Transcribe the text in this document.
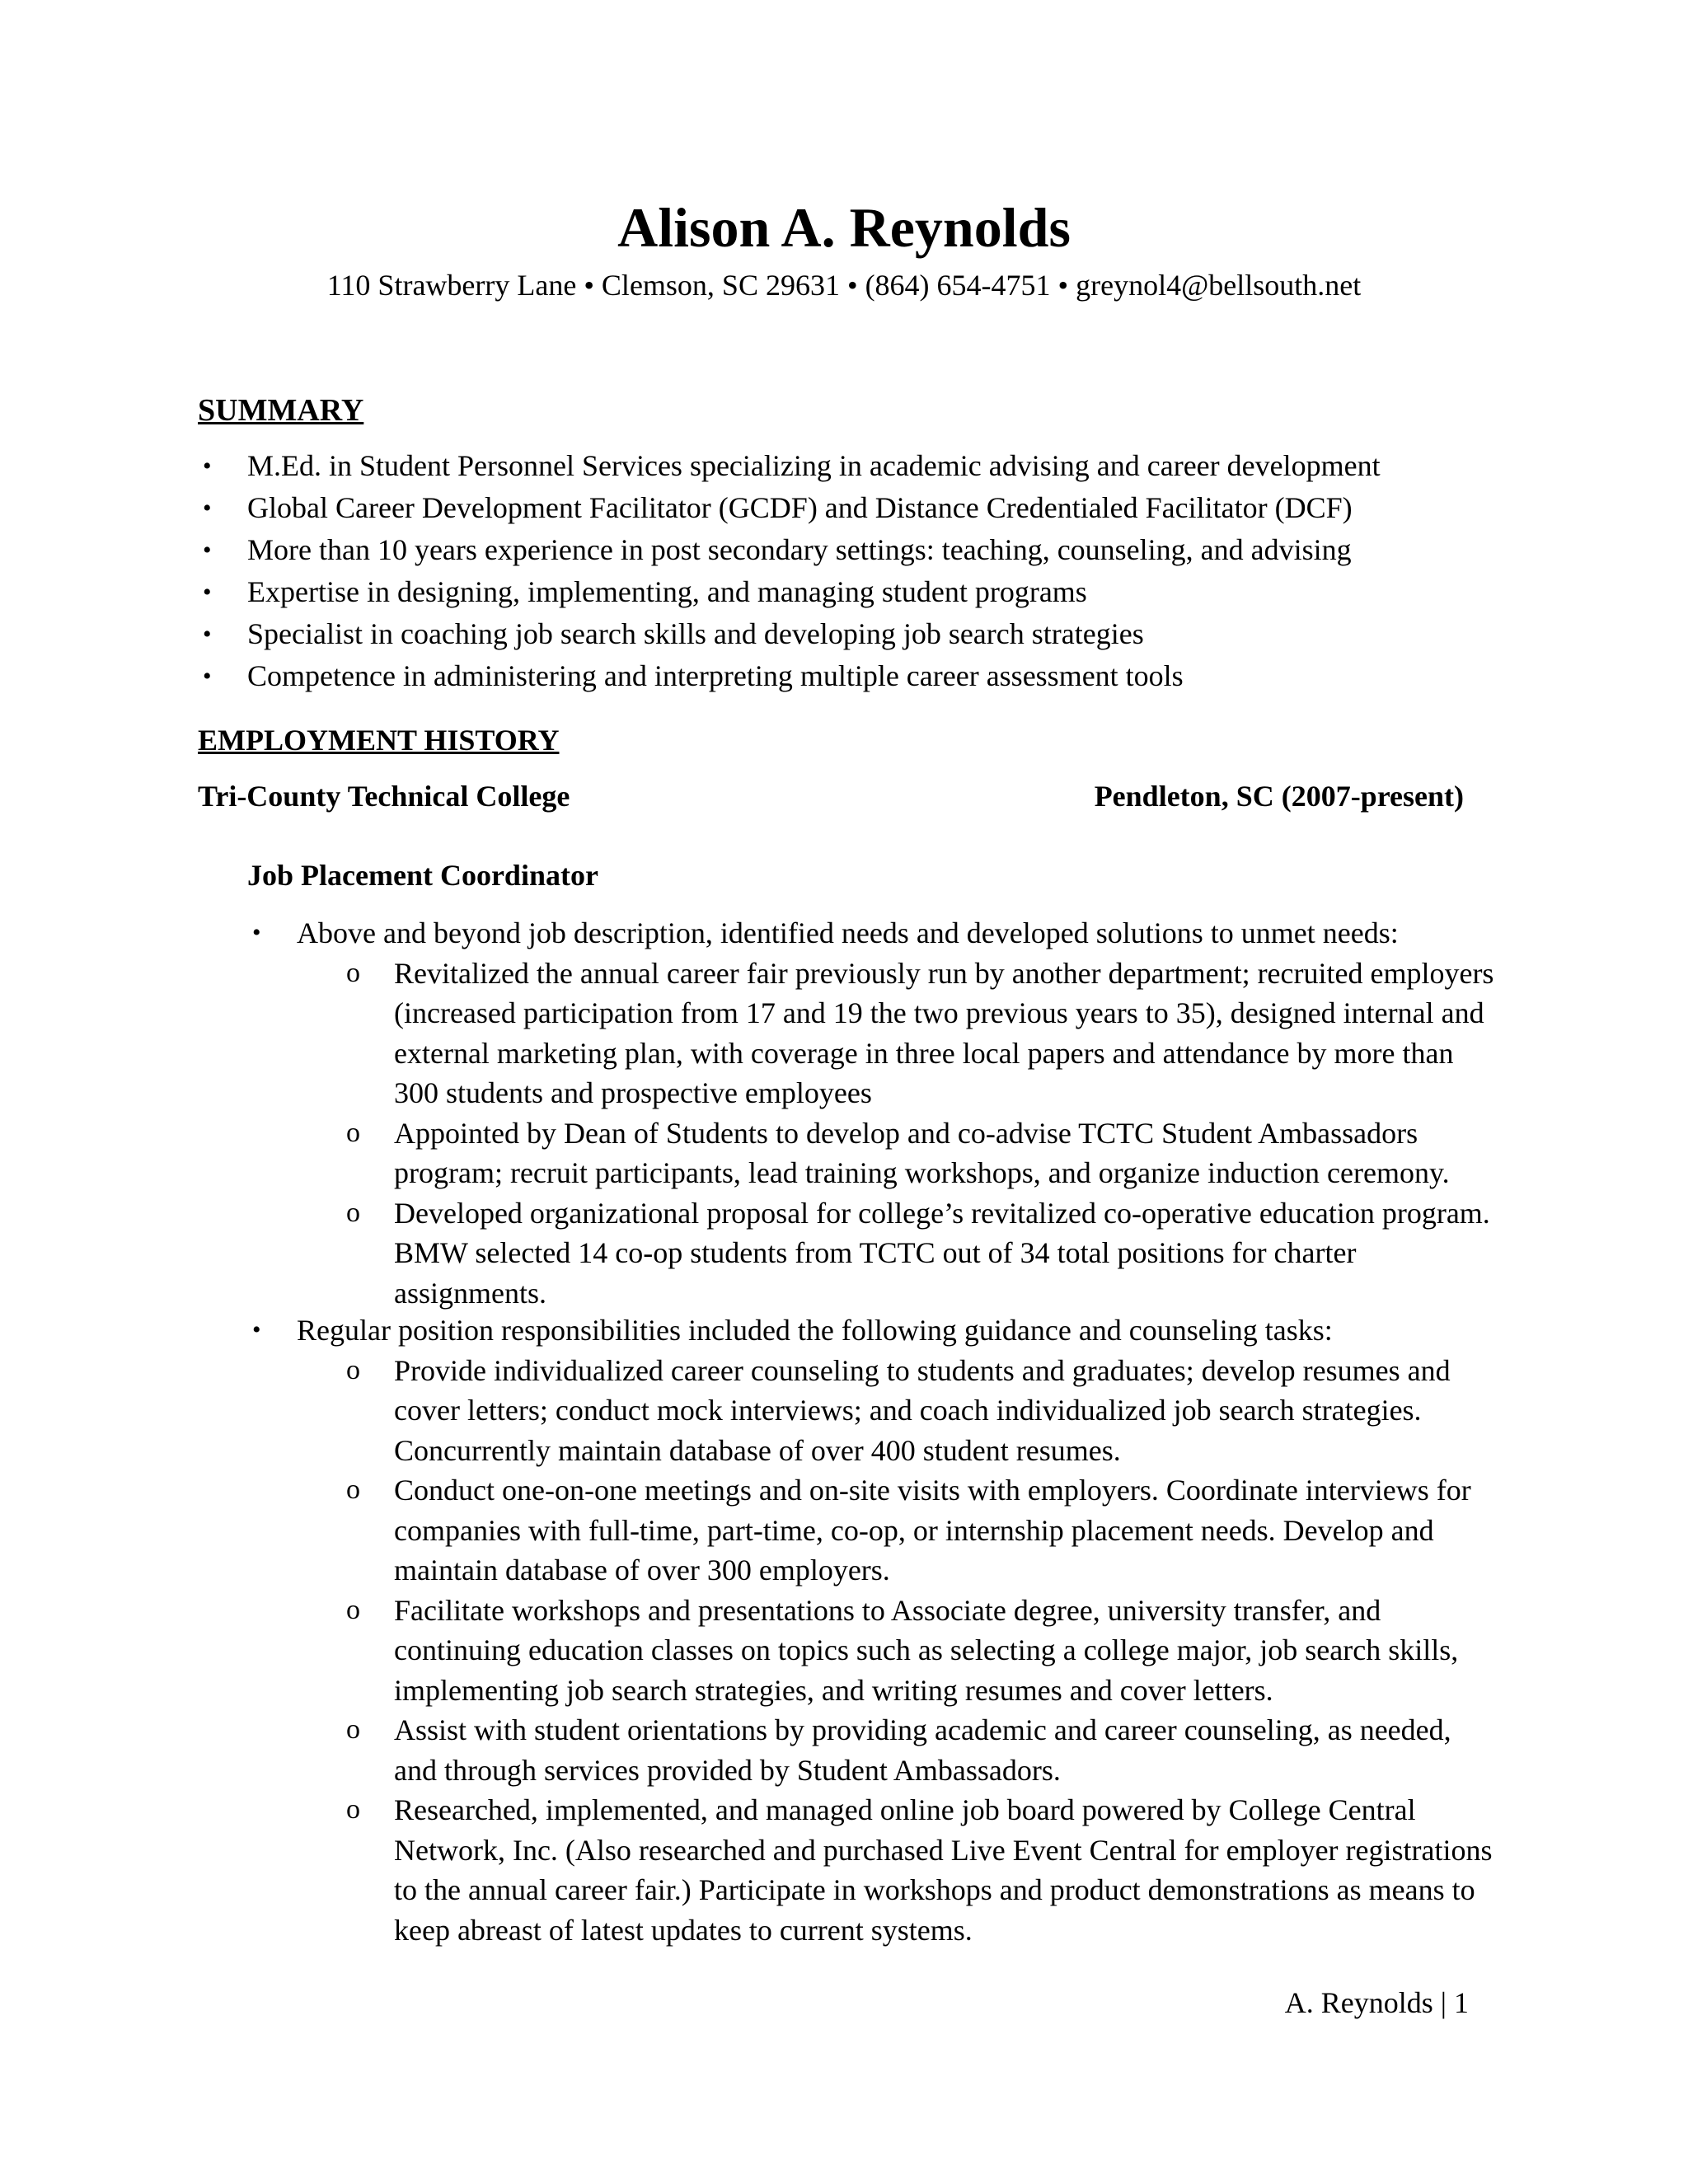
Alison A. Reynolds
110 Strawberry Lane • Clemson, SC 29631 • (864) 654-4751 • greynol4@bellsouth.net
SUMMARY
• M.Ed. in Student Personnel Services specializing in academic advising and career development
• Global Career Development Facilitator (GCDF) and Distance Credentialed Facilitator (DCF)
• More than 10 years experience in post secondary settings: teaching, counseling, and advising
• Expertise in designing, implementing, and managing student programs
• Specialist in coaching job search skills and developing job search strategies
• Competence in administering and interpreting multiple career assessment tools
EMPLOYMENT HISTORY
Tri-County Technical College	Pendleton, SC (2007-present)
Job Placement Coordinator
• Above and beyond job description, identified needs and developed solutions to unmet needs:
o Revitalized the annual career fair previously run by another department; recruited employers (increased participation from 17 and 19 the two previous years to 35), designed internal and external marketing plan, with coverage in three local papers and attendance by more than 300 students and prospective employees
o Appointed by Dean of Students to develop and co-advise TCTC Student Ambassadors program; recruit participants, lead training workshops, and organize induction ceremony.
o Developed organizational proposal for college’s revitalized co-operative education program. BMW selected 14 co-op students from TCTC out of 34 total positions for charter assignments.
• Regular position responsibilities included the following guidance and counseling tasks:
o Provide individualized career counseling to students and graduates; develop resumes and cover letters; conduct mock interviews; and coach individualized job search strategies. Concurrently maintain database of over 400 student resumes.
o Conduct one-on-one meetings and on-site visits with employers. Coordinate interviews for companies with full-time, part-time, co-op, or internship placement needs. Develop and maintain database of over 300 employers.
o Facilitate workshops and presentations to Associate degree, university transfer, and continuing education classes on topics such as selecting a college major, job search skills, implementing job search strategies, and writing resumes and cover letters.
o Assist with student orientations by providing academic and career counseling, as needed, and through services provided by Student Ambassadors.
o Researched, implemented, and managed online job board powered by College Central Network, Inc. (Also researched and purchased Live Event Central for employer registrations to the annual career fair.) Participate in workshops and product demonstrations as means to keep abreast of latest updates to current systems.
A. Reynolds | 1
